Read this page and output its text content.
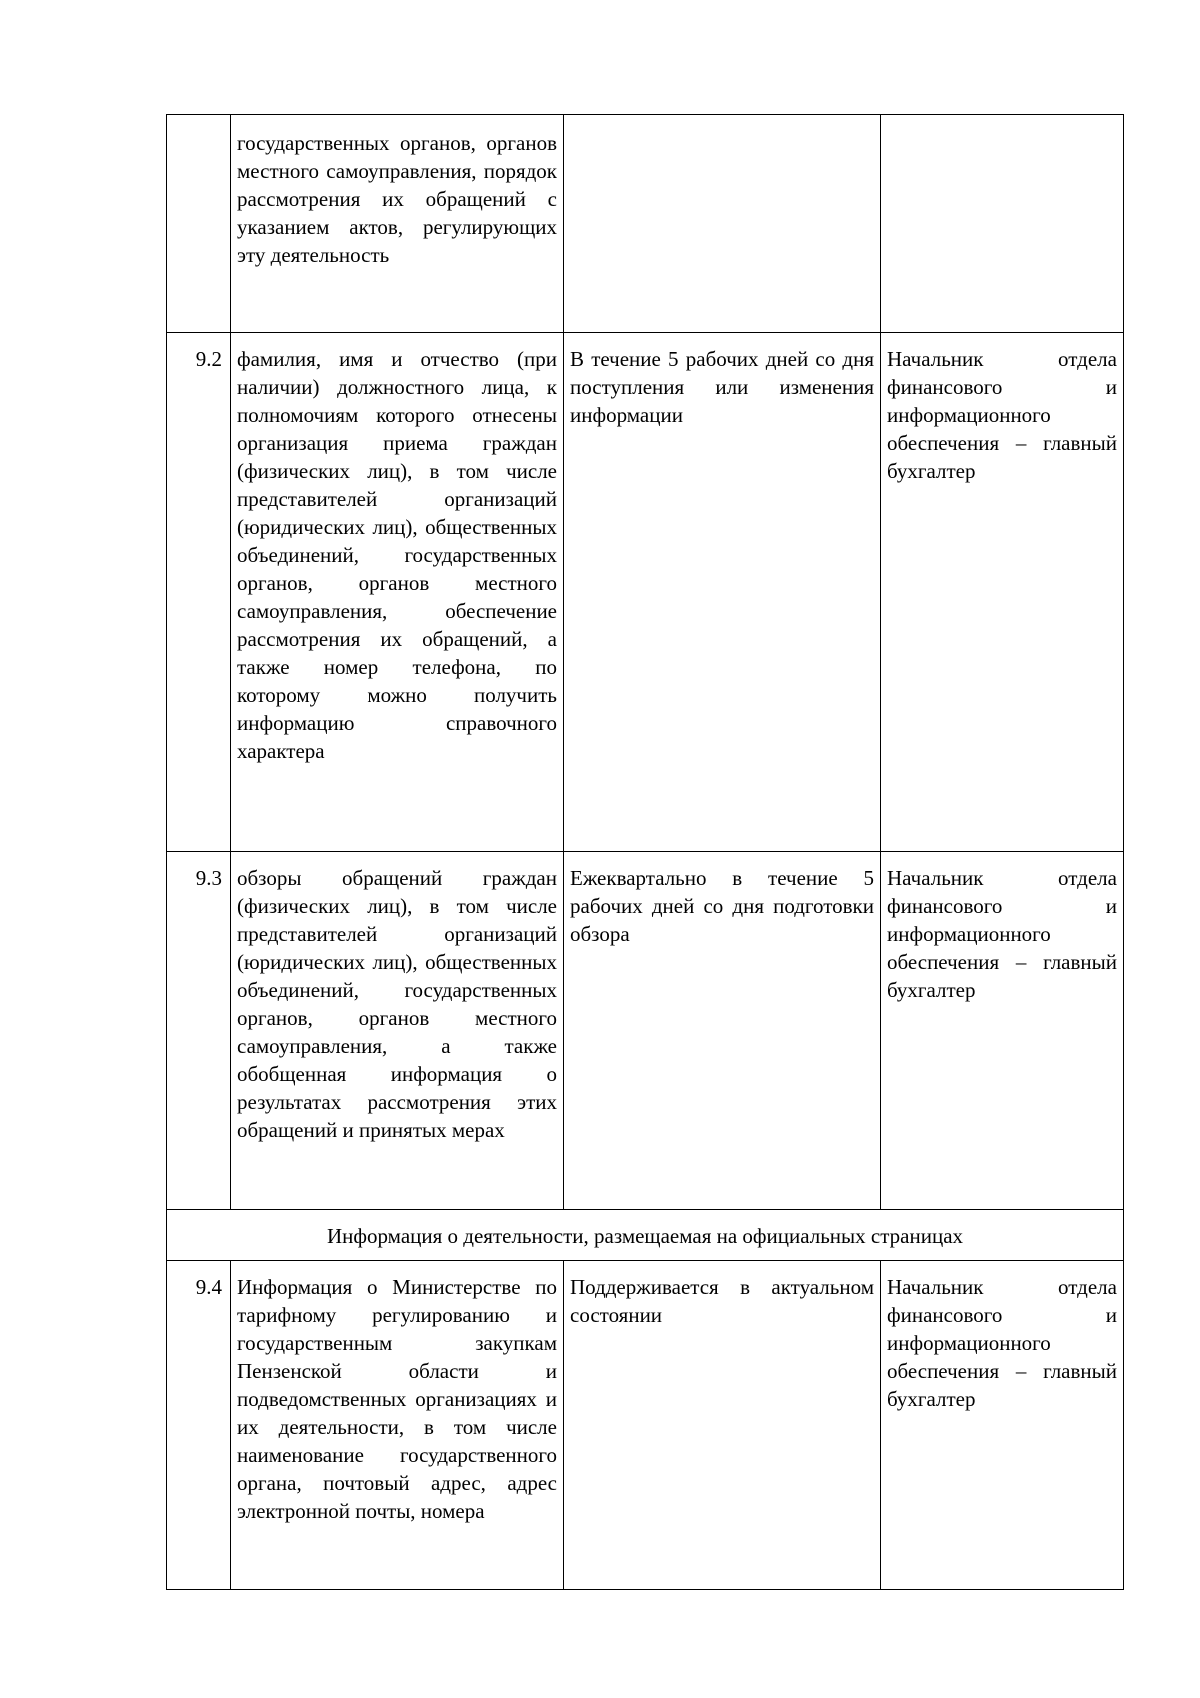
	государственных органов, органов местного самоуправления, порядок рассмотрения их обращений с указанием актов, регулирующих эту деятельность		
9.2	фамилия, имя и отчество (при наличии) должностного лица, к полномочиям которого отнесены организация приема граждан (физических лиц), в том числе представителей организаций (юридических лиц), общественных объединений, государственных органов, органов местного самоуправления, обеспечение рассмотрения их обращений, а также номер телефона, по которому можно получить информацию справочного характера	В течение 5 рабочих дней со дня поступления или изменения информации	Начальник отдела финансового и информационного обеспечения – главный бухгалтер
9.3	обзоры обращений граждан (физических лиц), в том числе представителей организаций (юридических лиц), общественных объединений, государственных органов, органов местного самоуправления, а также обобщенная информация о результатах рассмотрения этих обращений и принятых мерах	Ежеквартально в течение 5 рабочих дней со дня подготовки обзора	Начальник отдела финансового и информационного обеспечения – главный бухгалтер
Информация о деятельности, размещаемая на официальных страницах			
9.4	Информация о Министерстве по тарифному регулированию и государственным закупкам Пензенской области и подведомственных организациях и их деятельности, в том числе наименование государственного органа, почтовый адрес, адрес электронной почты, номера	Поддерживается в актуальном состоянии	Начальник отдела финансового и информационного обеспечения – главный бухгалтер
